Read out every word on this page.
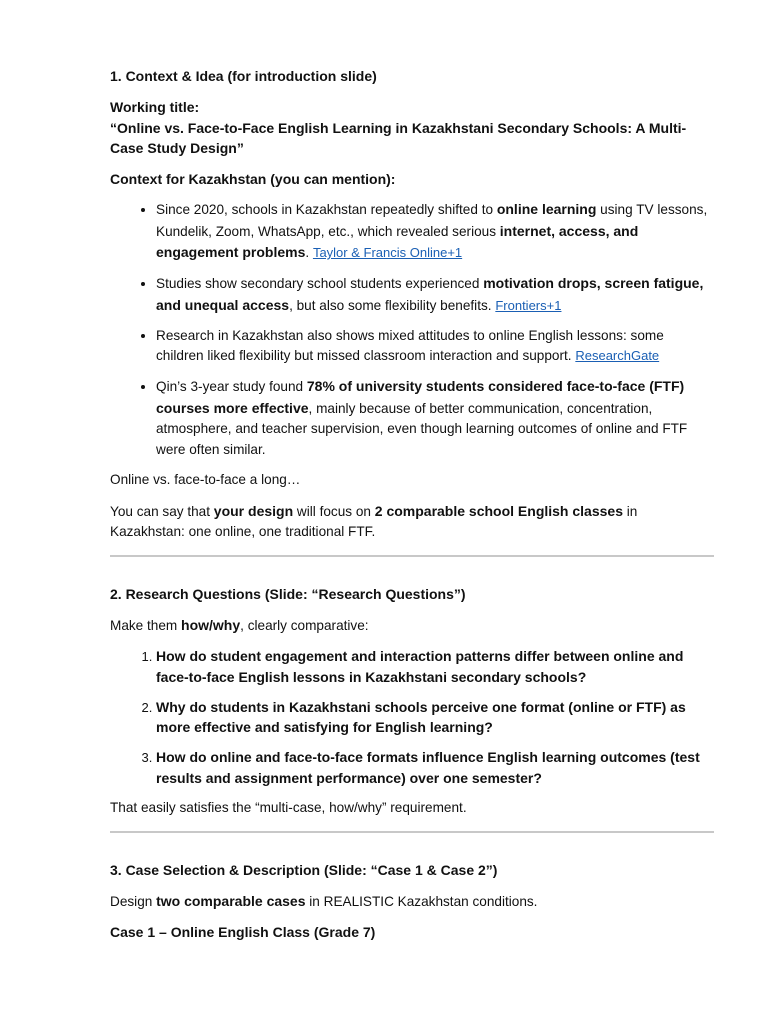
1. Context & Idea (for introduction slide)

Working title:
“Online vs. Face-to-Face English Learning in Kazakhstani Secondary Schools: A Multi-Case Study Design”

Context for Kazakhstan (you can mention):

• Since 2020, schools in Kazakhstan repeatedly shifted to online learning using TV lessons, Kundelik, Zoom, WhatsApp, etc., which revealed serious internet, access, and engagement problems. Taylor & Francis Online+1
• Studies show secondary school students experienced motivation drops, screen fatigue, and unequal access, but also some flexibility benefits. Frontiers+1
• Research in Kazakhstan also shows mixed attitudes to online English lessons: some children liked flexibility but missed classroom interaction and support. ResearchGate
• Qin’s 3-year study found 78% of university students considered face-to-face (FTF) courses more effective, mainly because of better communication, concentration, atmosphere, and teacher supervision, even though learning outcomes of online and FTF were often similar.

Online vs. face-to-face a long…

You can say that your design will focus on 2 comparable school English classes in Kazakhstan: one online, one traditional FTF.

2. Research Questions (Slide: “Research Questions”)

Make them how/why, clearly comparative:

1. How do student engagement and interaction patterns differ between online and face-to-face English lessons in Kazakhstani secondary schools?
2. Why do students in Kazakhstani schools perceive one format (online or FTF) as more effective and satisfying for English learning?
3. How do online and face-to-face formats influence English learning outcomes (test results and assignment performance) over one semester?

That easily satisfies the “multi-case, how/why” requirement.

3. Case Selection & Description (Slide: “Case 1 & Case 2”)

Design two comparable cases in REALISTIC Kazakhstan conditions.

Case 1 – Online English Class (Grade 7)
